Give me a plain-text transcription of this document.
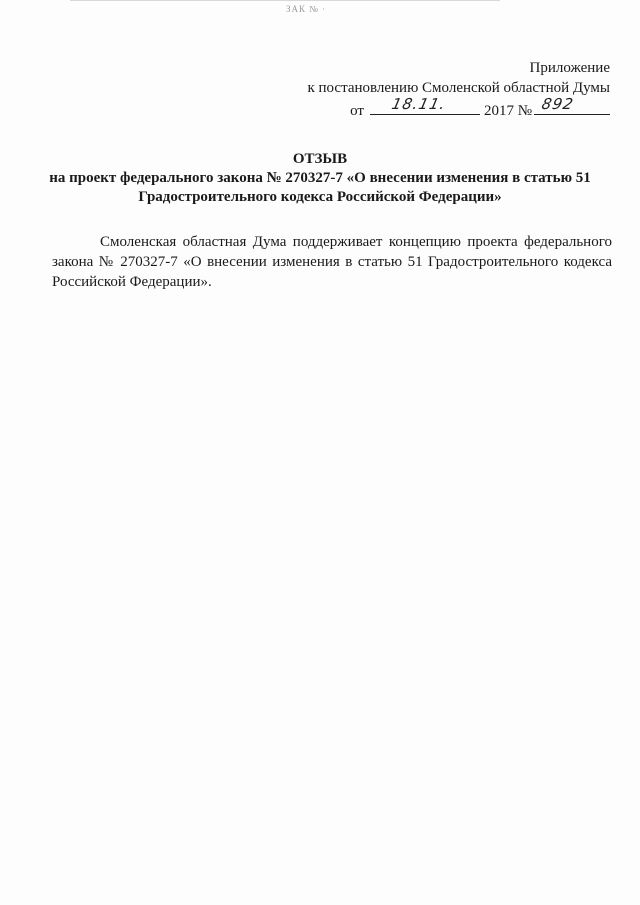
ЗАК № ·
Приложение
к постановлению Смоленской областной Думы
от 18.11. 2017 № 892
ОТЗЫВ
на проект федерального закона № 270327-7 «О внесении изменения в статью 51
Градостроительного кодекса Российской Федерации»
Смоленская областная Дума поддерживает концепцию проекта федерального закона № 270327-7 «О внесении изменения в статью 51 Градостроительного кодекса Российской Федерации».
